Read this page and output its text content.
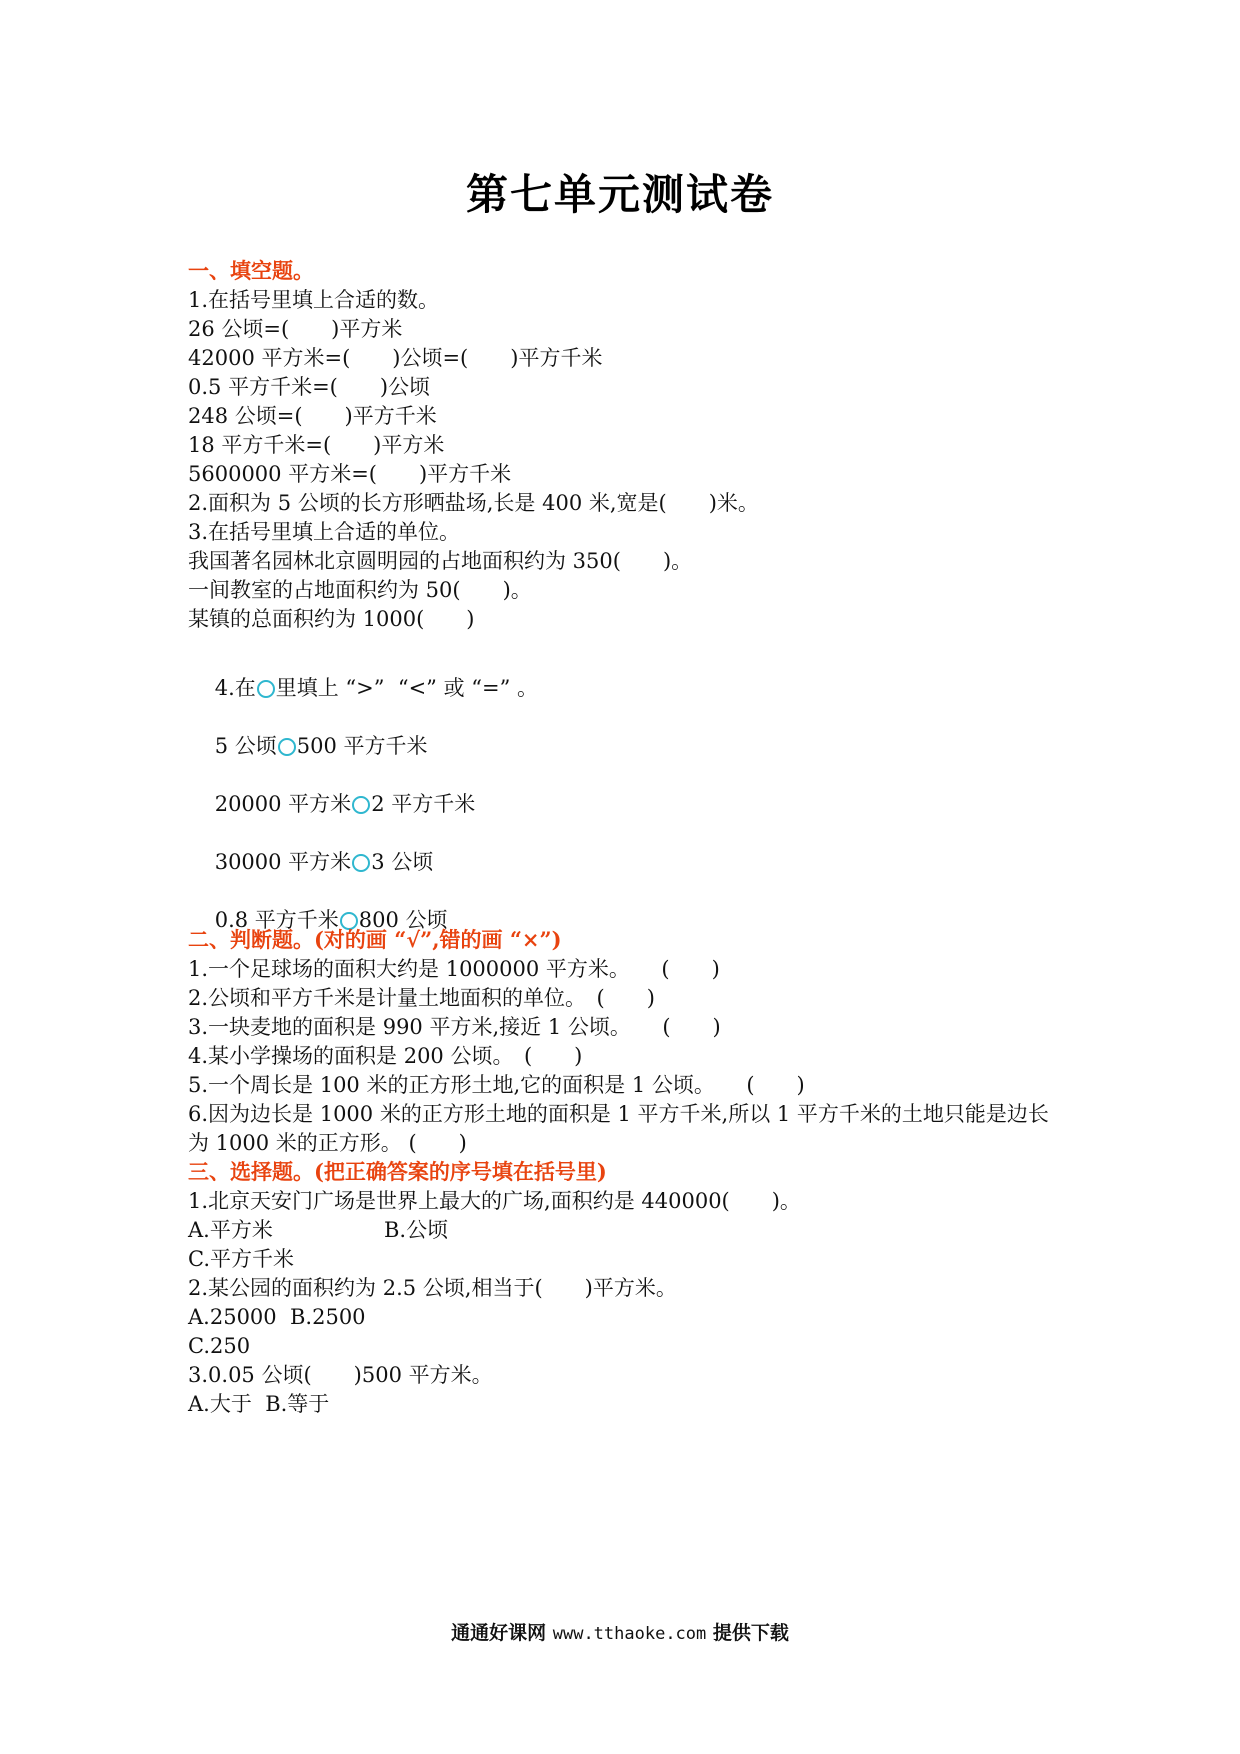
第七单元测试卷
一、填空题。
1.在括号里填上合适的数。
26 公顷=(　　)平方米
42000 平方米=(　　)公顷=(　　)平方千米
0.5 平方千米=(　　)公顷
248 公顷=(　　)平方千米
18 平方千米=(　　)平方米
5600000 平方米=(　　)平方千米
2.面积为 5 公顷的长方形晒盐场,长是 400 米,宽是(　　)米。
3.在括号里填上合适的单位。
我国著名园林北京圆明园的占地面积约为 350(　　)。
一间教室的占地面积约为 50(　　)。
某镇的总面积约为 1000(　　)

4.在 里填上 “>”  “<” 或 “=” 。

5 公顷 500 平方千米

20000 平方米 2 平方千米

30000 平方米 3 公顷

0.8 平方千米 800 公顷

二、判断题。(对的画 “√”,错的画 “×”)
1.一个足球场的面积大约是 1000000 平方米。　　(　　)
2.公顷和平方千米是计量土地面积的单位。　(　　)
3.一块麦地的面积是 990 平方米,接近 1 公顷。　　(　　)
4.某小学操场的面积是 200 公顷。　(　　)
5.一个周长是 100 米的正方形土地,它的面积是 1 公顷。　　(　　)
6.因为边长是 1000 米的正方形土地的面积是 1 平方千米,所以 1 平方千米的土地只能是边长
为 1000 米的正方形。 (　　)
三、选择题。(把正确答案的序号填在括号里)
1.北京天安门广场是世界上最大的广场,面积约是 440000(　　)。
A.平方米	B.公顷
C.平方千米
2.某公园的面积约为 2.5 公顷,相当于(　　)平方米。
A.25000  B.2500
C.250
3.0.05 公顷(　　)500 平方米。
A.大于  B.等于
通通好课网 www.tthaoke.com 提供下载
